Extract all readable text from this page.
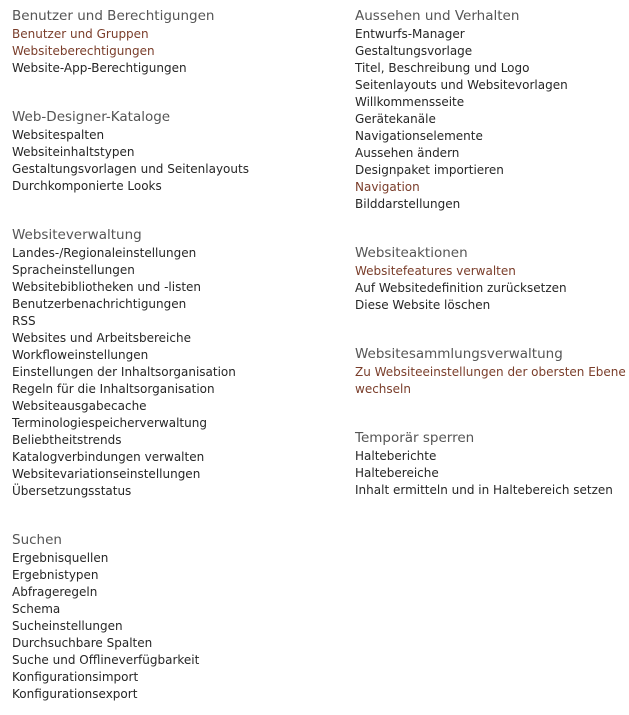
Benutzer und Berechtigungen
Benutzer und Gruppen
Websiteberechtigungen
Website-App-Berechtigungen
Web-Designer-Kataloge
Websitespalten
Websiteinhaltstypen
Gestaltungsvorlagen und Seitenlayouts
Durchkomponierte Looks
Websiteverwaltung
Landes-/Regionaleinstellungen
Spracheinstellungen
Websitebibliotheken und -listen
Benutzerbenachrichtigungen
RSS
Websites und Arbeitsbereiche
Workfloweinstellungen
Einstellungen der Inhaltsorganisation
Regeln für die Inhaltsorganisation
Websiteausgabecache
Terminologiespeicherverwaltung
Beliebtheitstrends
Katalogverbindungen verwalten
Websitevariationseinstellungen
Übersetzungsstatus
Suchen
Ergebnisquellen
Ergebnistypen
Abfrageregeln
Schema
Sucheinstellungen
Durchsuchbare Spalten
Suche und Offlineverfügbarkeit
Konfigurationsimport
Konfigurationsexport
Aussehen und Verhalten
Entwurfs-Manager
Gestaltungsvorlage
Titel, Beschreibung und Logo
Seitenlayouts und Websitevorlagen
Willkommensseite
Gerätekanäle
Navigationselemente
Aussehen ändern
Designpaket importieren
Navigation
Bilddarstellungen
Websiteaktionen
Websitefeatures verwalten
Auf Websitedefinition zurücksetzen
Diese Website löschen
Websitesammlungsverwaltung
Zu Websiteeinstellungen der obersten Ebene wechseln
Temporär sperren
Halteberichte
Haltebereiche
Inhalt ermitteln und in Haltebereich setzen
